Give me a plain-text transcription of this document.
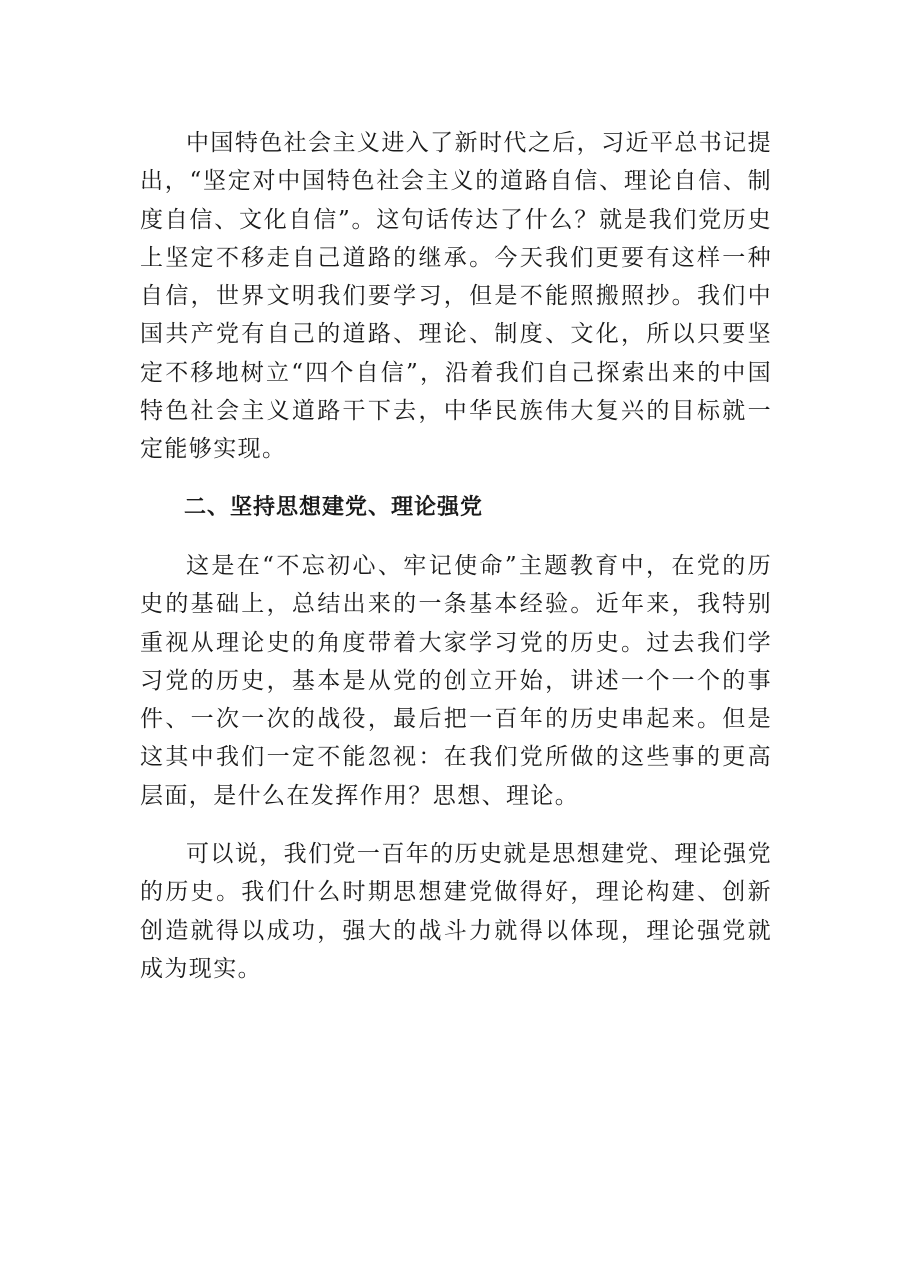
中国特色社会主义进入了新时代之后，习近平总书记提出，“坚定对中国特色社会主义的道路自信、理论自信、制度自信、文化自信”。这句话传达了什么？就是我们党历史上坚定不移走自己道路的继承。今天我们更要有这样一种自信，世界文明我们要学习，但是不能照搬照抄。我们中国共产党有自己的道路、理论、制度、文化，所以只要坚定不移地树立“四个自信”，沿着我们自己探索出来的中国特色社会主义道路干下去，中华民族伟大复兴的目标就一定能够实现。

二、坚持思想建党、理论强党

这是在“不忘初心、牢记使命”主题教育中，在党的历史的基础上，总结出来的一条基本经验。近年来，我特别重视从理论史的角度带着大家学习党的历史。过去我们学习党的历史，基本是从党的创立开始，讲述一个一个的事件、一次一次的战役，最后把一百年的历史串起来。但是这其中我们一定不能忽视：在我们党所做的这些事的更高层面，是什么在发挥作用？思想、理论。

可以说，我们党一百年的历史就是思想建党、理论强党的历史。我们什么时期思想建党做得好，理论构建、创新创造就得以成功，强大的战斗力就得以体现，理论强党就成为现实。
